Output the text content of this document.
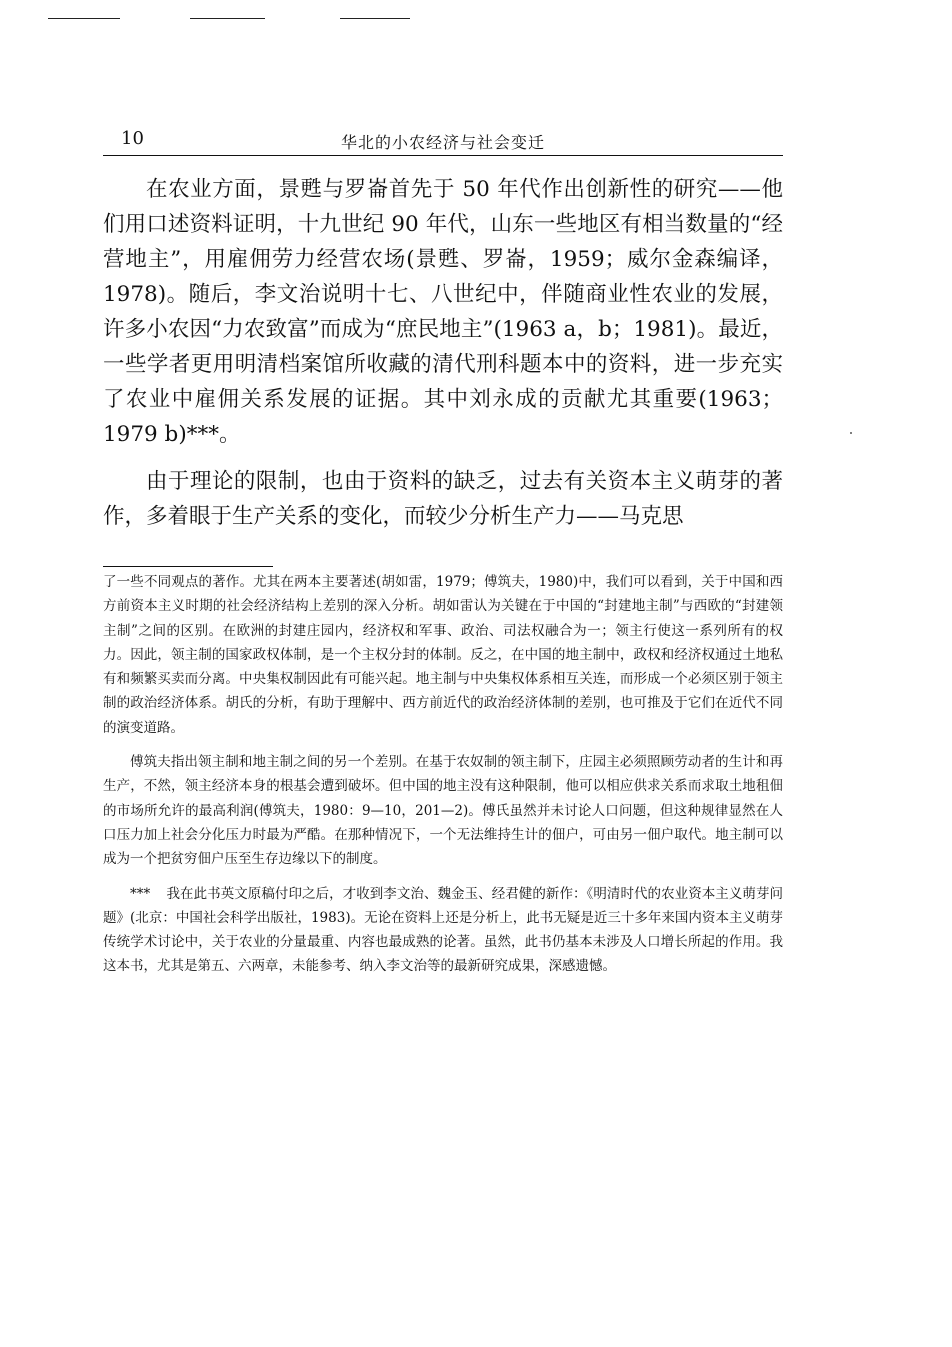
10	华北的小农经济与社会变迁

在农业方面，景甦与罗崙首先于 50 年代作出创新性的研究——他们用口述资料证明，十九世纪 90 年代，山东一些地区有相当数量的“经营地主”，用雇佣劳力经营农场(景甦、罗崙，1959；威尔金森编译，1978)。随后，李文治说明十七、八世纪中，伴随商业性农业的发展，许多小农因“力农致富”而成为“庶民地主”(1963 a，b；1981)。最近，一些学者更用明清档案馆所收藏的清代刑科题本中的资料，进一步充实了农业中雇佣关系发展的证据。其中刘永成的贡献尤其重要(1963；1979 b)***。

由于理论的限制，也由于资料的缺乏，过去有关资本主义萌芽的著作，多着眼于生产关系的变化，而较少分析生产力——马克思

了一些不同观点的著作。尤其在两本主要著述(胡如雷，1979；傅筑夫，1980)中，我们可以看到，关于中国和西方前资本主义时期的社会经济结构上差别的深入分析。胡如雷认为关键在于中国的“封建地主制”与西欧的“封建领主制”之间的区别。在欧洲的封建庄园内，经济权和军事、政治、司法权融合为一；领主行使这一系列所有的权力。因此，领主制的国家政权体制，是一个主权分封的体制。反之，在中国的地主制中，政权和经济权通过土地私有和频繁买卖而分离。中央集权制因此有可能兴起。地主制与中央集权体系相互关连，而形成一个必须区别于领主制的政治经济体系。胡氏的分析，有助于理解中、西方前近代的政治经济体制的差别，也可推及于它们在近代不同的演变道路。

傅筑夫指出领主制和地主制之间的另一个差别。在基于农奴制的领主制下，庄园主必须照顾劳动者的生计和再生产，不然，领主经济本身的根基会遭到破坏。但中国的地主没有这种限制，他可以相应供求关系而求取土地租佃的市场所允许的最高利润(傅筑夫，1980：9—10，201—2)。傅氏虽然并未讨论人口问题，但这种规律显然在人口压力加上社会分化压力时最为严酷。在那种情况下，一个无法维持生计的佃户，可由另一佃户取代。地主制可以成为一个把贫穷佃户压至生存边缘以下的制度。

*** 我在此书英文原稿付印之后，才收到李文治、魏金玉、经君健的新作：《明清时代的农业资本主义萌芽问题》(北京：中国社会科学出版社，1983)。无论在资料上还是分析上，此书无疑是近三十多年来国内资本主义萌芽传统学术讨论中，关于农业的分量最重、内容也最成熟的论著。虽然，此书仍基本未涉及人口增长所起的作用。我这本书，尤其是第五、六两章，未能参考、纳入李文治等的最新研究成果，深感遗憾。
